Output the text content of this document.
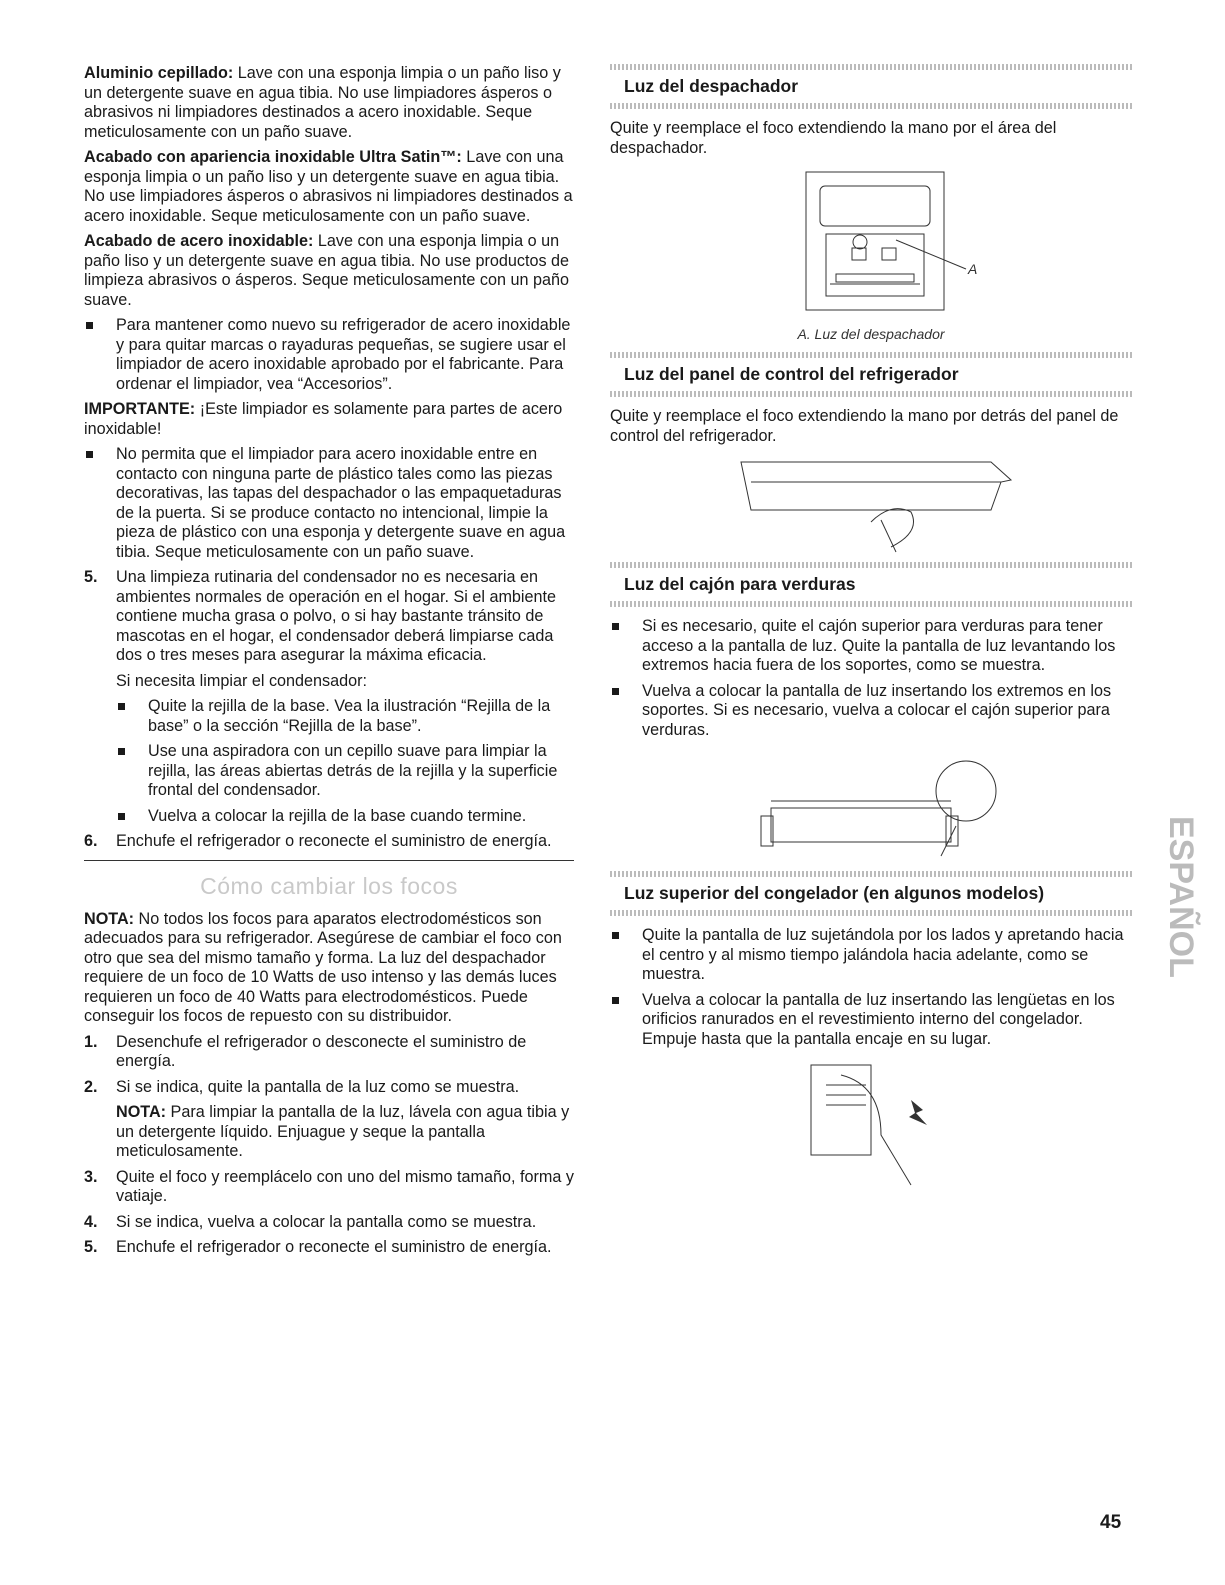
Aluminio cepillado: Lave con una esponja limpia o un paño liso y un detergente suave en agua tibia. No use limpiadores ásperos o abrasivos ni limpiadores destinados a acero inoxidable. Seque meticulosamente con un paño suave.

Acabado con apariencia inoxidable Ultra Satin™: Lave con una esponja limpia o un paño liso y un detergente suave en agua tibia. No use limpiadores ásperos o abrasivos ni limpiadores destinados a acero inoxidable. Seque meticulosamente con un paño suave.

Acabado de acero inoxidable: Lave con una esponja limpia o un paño liso y un detergente suave en agua tibia. No use productos de limpieza abrasivos o ásperos. Seque meticulosamente con un paño suave.

Para mantener como nuevo su refrigerador de acero inoxidable y para quitar marcas o rayaduras pequeñas, se sugiere usar el limpiador de acero inoxidable aprobado por el fabricante. Para ordenar el limpiador, vea “Accesorios”.

IMPORTANTE: ¡Este limpiador es solamente para partes de acero inoxidable!

No permita que el limpiador para acero inoxidable entre en contacto con ninguna parte de plástico tales como las piezas decorativas, las tapas del despachador o las empaquetaduras de la puerta. Si se produce contacto no intencional, limpie la pieza de plástico con una esponja y detergente suave en agua tibia. Seque meticulosamente con un paño suave.
5. Una limpieza rutinaria del condensador no es necesaria en ambientes normales de operación en el hogar. Si el ambiente contiene mucha grasa o polvo, o si hay bastante tránsito de mascotas en el hogar, el condensador deberá limpiarse cada dos o tres meses para asegurar la máxima eficacia.

Si necesita limpiar el condensador:

Quite la rejilla de la base. Vea la ilustración “Rejilla de la base” o la sección “Rejilla de la base”.
Use una aspiradora con un cepillo suave para limpiar la rejilla, las áreas abiertas detrás de la rejilla y la superficie frontal del condensador.
Vuelva a colocar la rejilla de la base cuando termine.
6. Enchufe el refrigerador o reconecte el suministro de energía.
Cómo cambiar los focos

NOTA: No todos los focos para aparatos electrodomésticos son adecuados para su refrigerador. Asegúrese de cambiar el foco con otro que sea del mismo tamaño y forma. La luz del despachador requiere de un foco de 10 Watts de uso intenso y las demás luces requieren un foco de 40 Watts para electrodomésticos. Puede conseguir los focos de repuesto con su distribuidor.

1. Desenchufe el refrigerador o desconecte el suministro de energía.
2. Si se indica, quite la pantalla de la luz como se muestra.

NOTA: Para limpiar la pantalla de la luz, lávela con agua tibia y un detergente líquido. Enjuague y seque la pantalla meticulosamente.

3. Quite el foco y reemplácelo con uno del mismo tamaño, forma y vatiaje.
4. Si se indica, vuelva a colocar la pantalla como se muestra.
5. Enchufe el refrigerador o reconecte el suministro de energía.
Luz del despachador

Quite y reemplace el foco extendiendo la mano por el área del despachador.

A
A. Luz del despachador
Luz del panel de control del refrigerador

Quite y reemplace el foco extendiendo la mano por detrás del panel de control del refrigerador.

Luz del cajón para verduras
Si es necesario, quite el cajón superior para verduras para tener acceso a la pantalla de luz. Quite la pantalla de luz levantando los extremos hacia fuera de los soportes, como se muestra.
Vuelva a colocar la pantalla de luz insertando los extremos en los soportes. Si es necesario, vuelva a colocar el cajón superior para verduras.
Luz superior del congelador (en algunos modelos)
Quite la pantalla de luz sujetándola por los lados y apretando hacia el centro y al mismo tiempo jalándola hacia adelante, como se muestra.
Vuelva a colocar la pantalla de luz insertando las lengüetas en los orificios ranurados en el revestimiento interno del congelador. Empuje hasta que la pantalla encaje en su lugar.
ESPAÑOL
45
